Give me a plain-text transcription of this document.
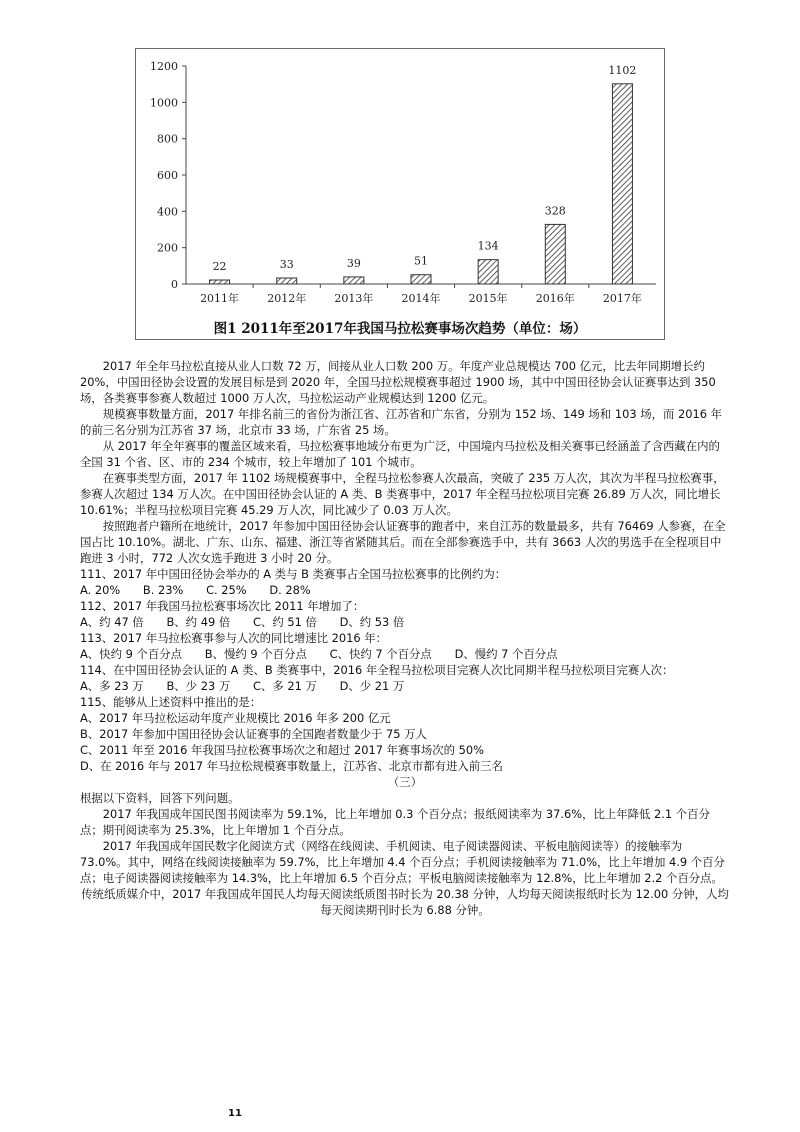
0
200
400
600
800
1000
1200
22
2011年
33
2012年
39
2013年
51
2014年
134
2015年
328
2016年
1102
2017年
图1 2011年至2017年我国马拉松赛事场次趋势（单位：场）

2017 年全年马拉松直接从业人口数 72 万，间接从业人口数 200 万。年度产业总规模达 700 亿元，比去年同期增长约 20%，中国田径协会设置的发展目标是到 2020 年，全国马拉松规模赛事超过 1900 场，其中中国田径协会认证赛事达到 350 场，各类赛事参赛人数超过 1000 万人次，马拉松运动产业规模达到 1200 亿元。

规模赛事数量方面，2017 年排名前三的省份为浙江省、江苏省和广东省，分别为 152 场、149 场和 103 场，而 2016 年的前三名分别为江苏省 37 场，北京市 33 场，广东省 25 场。

从 2017 年全年赛事的覆盖区域来看，马拉松赛事地域分布更为广泛，中国境内马拉松及相关赛事已经涵盖了含西藏在内的全国 31 个省、区、市的 234 个城市，较上年增加了 101 个城市。

在赛事类型方面，2017 年 1102 场规模赛事中，全程马拉松参赛人次最高，突破了 235 万人次，其次为半程马拉松赛事，参赛人次超过 134 万人次。在中国田径协会认证的 A 类、B 类赛事中，2017 年全程马拉松项目完赛 26.89 万人次，同比增长 10.61%；半程马拉松项目完赛 45.29 万人次，同比减少了 0.03 万人次。

按照跑者户籍所在地统计，2017 年参加中国田径协会认证赛事的跑者中，来自江苏的数量最多，共有 76469 人参赛，在全国占比 10.10%。湖北、广东、山东、福建、浙江等省紧随其后。而在全部参赛选手中，共有 3663 人次的男选手在全程项目中跑进 3 小时，772 人次女选手跑进 3 小时 20 分。

111、2017 年中国田径协会举办的 A 类与 B 类赛事占全国马拉松赛事的比例约为：

A. 20%　　B. 23%　　C. 25%　　D. 28%

112、2017 年我国马拉松赛事场次比 2011 年增加了：

A、约 47 倍　　B、约 49 倍　　C、约 51 倍　　D、约 53 倍

113、2017 年马拉松赛事参与人次的同比增速比 2016 年：

A、快约 9 个百分点　　B、慢约 9 个百分点　　C、快约 7 个百分点　　D、慢约 7 个百分点

114、在中国田径协会认证的 A 类、B 类赛事中，2016 年全程马拉松项目完赛人次比同期半程马拉松项目完赛人次：

A、多 23 万　　B、少 23 万　　C、多 21 万　　D、少 21 万

115、能够从上述资料中推出的是：

A、2017 年马拉松运动年度产业规模比 2016 年多 200 亿元

B、2017 年参加中国田径协会认证赛事的全国跑者数量少于 75 万人

C、2011 年至 2016 年我国马拉松赛事场次之和超过 2017 年赛事场次的 50%

D、在 2016 年与 2017 年马拉松规模赛事数量上，江苏省、北京市都有进入前三名

（三）

根据以下资料，回答下列问题。

2017 年我国成年国民图书阅读率为 59.1%，比上年增加 0.3 个百分点；报纸阅读率为 37.6%，比上年降低 2.1 个百分点；期刊阅读率为 25.3%，比上年增加 1 个百分点。

2017 年我国成年国民数字化阅读方式（网络在线阅读、手机阅读、电子阅读器阅读、平板电脑阅读等）的接触率为 73.0%。其中，网络在线阅读接触率为 59.7%，比上年增加 4.4 个百分点；手机阅读接触率为 71.0%，比上年增加 4.9 个百分点；电子阅读器阅读接触率为 14.3%，比上年增加 6.5 个百分点；平板电脑阅读接触率为 12.8%，比上年增加 2.2 个百分点。

传统纸质媒介中，2017 年我国成年国民人均每天阅读纸质图书时长为 20.38 分钟，人均每天阅读报纸时长为 12.00 分钟，人均每天阅读期刊时长为 6.88 分钟。

11
